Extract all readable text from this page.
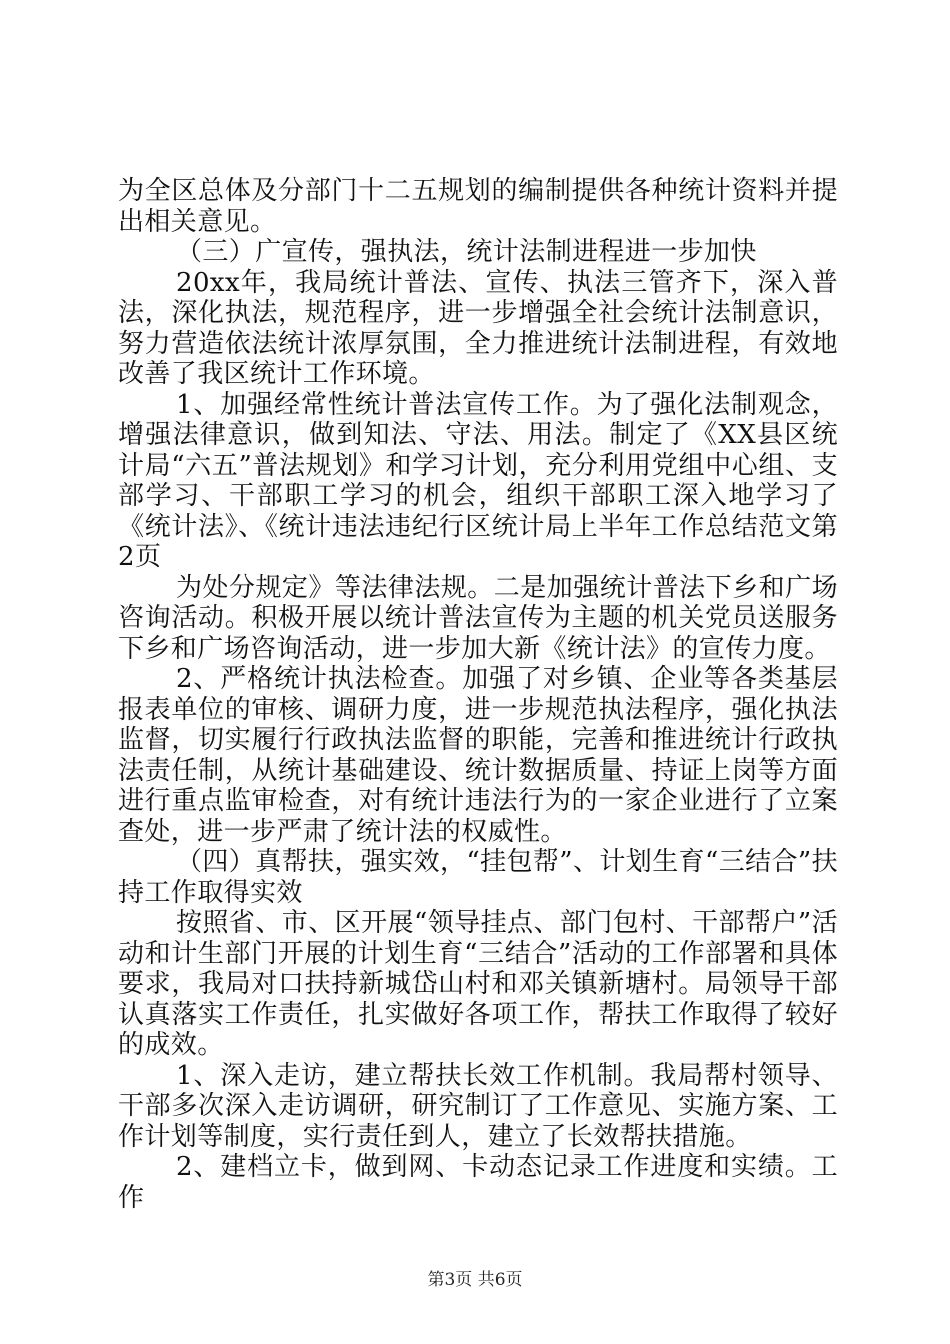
为全区总体及分部门十二五规划的编制提供各种统计资料并提出相关意见。

（三）广宣传，强执法，统计法制进程进一步加快

20xx年，我局统计普法、宣传、执法三管齐下，深入普法，深化执法，规范程序，进一步增强全社会统计法制意识，努力营造依法统计浓厚氛围，全力推进统计法制进程，有效地改善了我区统计工作环境。

1、加强经常性统计普法宣传工作。为了强化法制观念，增强法律意识，做到知法、守法、用法。制定了《XX县区统计局“六五”普法规划》和学习计划，充分利用党组中心组、支部学习、干部职工学习的机会，组织干部职工深入地学习了《统计法》、《统计违法违纪行区统计局上半年工作总结范文第2页

为处分规定》等法律法规。二是加强统计普法下乡和广场咨询活动。积极开展以统计普法宣传为主题的机关党员送服务下乡和广场咨询活动，进一步加大新《统计法》的宣传力度。

2、严格统计执法检查。加强了对乡镇、企业等各类基层报表单位的审核、调研力度，进一步规范执法程序，强化执法监督，切实履行行政执法监督的职能，完善和推进统计行政执法责任制，从统计基础建设、统计数据质量、持证上岗等方面进行重点监审检查，对有统计违法行为的一家企业进行了立案查处，进一步严肃了统计法的权威性。

（四）真帮扶，强实效，“挂包帮”、计划生育“三结合”扶持工作取得实效

按照省、市、区开展“领导挂点、部门包村、干部帮户”活动和计生部门开展的计划生育“三结合”活动的工作部署和具体要求，我局对口扶持新城岱山村和邓关镇新塘村。局领导干部认真落实工作责任，扎实做好各项工作，帮扶工作取得了较好的成效。

1、深入走访，建立帮扶长效工作机制。我局帮村领导、干部多次深入走访调研，研究制订了工作意见、实施方案、工作计划等制度，实行责任到人，建立了长效帮扶措施。

2、建档立卡，做到网、卡动态记录工作进度和实绩。工作

第3页 共6页
